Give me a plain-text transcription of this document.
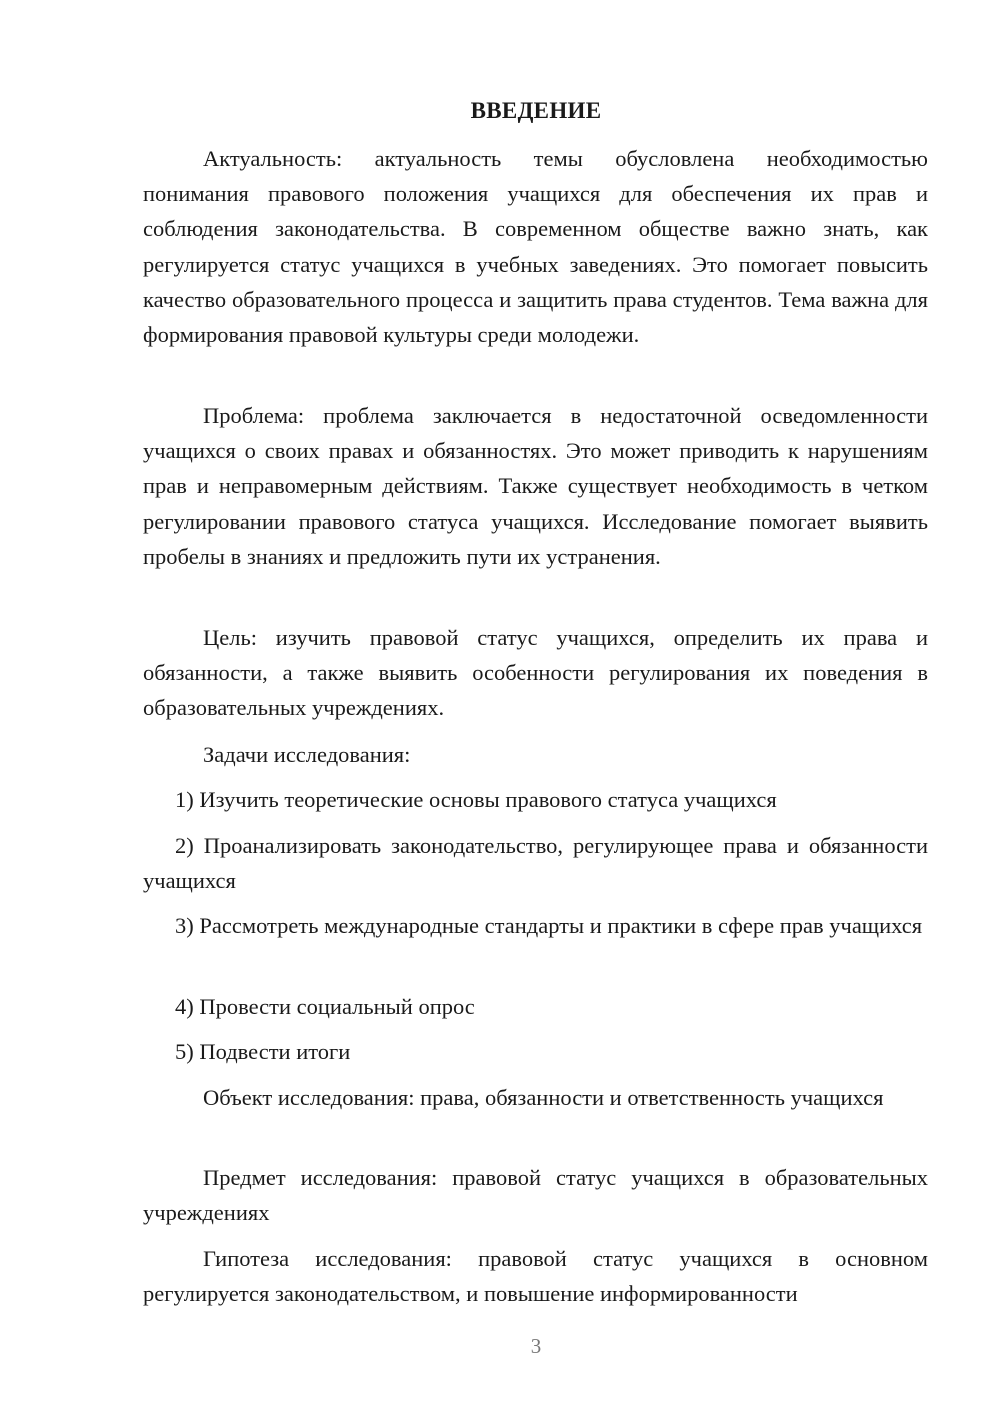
ВВЕДЕНИЕ

Актуальность: актуальность темы обусловлена необходимостью понимания правового положения учащихся для обеспечения их прав и соблюдения законодательства. В современном обществе важно знать, как регулируется статус учащихся в учебных заведениях. Это помогает повысить качество образовательного процесса и защитить права студентов. Тема важна для формирования правовой культуры среди молодежи.

Проблема: проблема заключается в недостаточной осведомленности учащихся о своих правах и обязанностях. Это может приводить к нарушениям прав и неправомерным действиям. Также существует необходимость в четком регулировании правового статуса учащихся. Исследование помогает выявить пробелы в знаниях и предложить пути их устранения.

Цель: изучить правовой статус учащихся, определить их права и обязанности, а также выявить особенности регулирования их поведения в образовательных учреждениях.

Задачи исследования:

1) Изучить теоретические основы правового статуса учащихся

2) Проанализировать законодательство, регулирующее права и обязанности учащихся

3) Рассмотреть международные стандарты и практики в сфере прав учащихся

4) Провести социальный опрос

5) Подвести итоги

Объект исследования: права, обязанности и ответственность учащихся

Предмет исследования: правовой статус учащихся в образовательных учреждениях

Гипотеза исследования: правовой статус учащихся в основном регулируется законодательством, и повышение информированности

3
